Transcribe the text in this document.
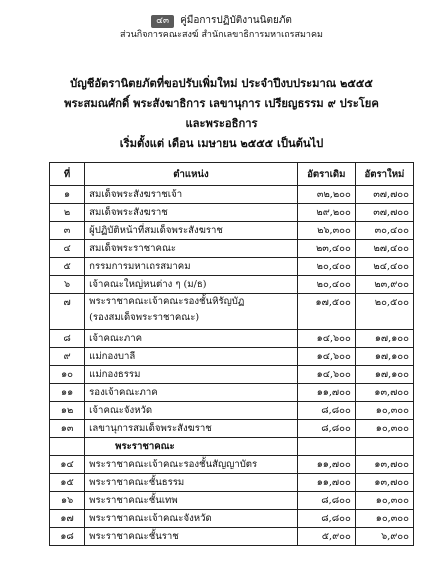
๔๓	คู่มือการปฏิบัติงานนิตยภัต
ส่วนกิจการคณะสงฆ์ สำนักเลขาธิการมหาเถรสมาคม
บัญชีอัตรานิตยภัตที่ขอปรับเพิ่มใหม่ ประจำปีงบประมาณ ๒๕๕๕
พระสมณศักดิ์ พระสังฆาธิการ เลขานุการ เปรียญธรรม ๙ ประโยค
และพระอธิการ
เริ่มตั้งแต่ เดือน เมษายน ๒๕๕๕ เป็นต้นไป
ที่	ตำแหน่ง	อัตราเดิม	อัตราใหม่
๑	สมเด็จพระสังฆราชเจ้า	๓๒,๒๐๐	๓๗,๗๐๐
๒	สมเด็จพระสังฆราช	๒๙,๒๐๐	๓๗,๗๐๐
๓	ผู้ปฏิบัติหน้าที่สมเด็จพระสังฆราช	๒๖,๓๐๐	๓๐,๔๐๐
๔	สมเด็จพระราชาคณะ	๒๓,๔๐๐	๒๗,๔๐๐
๕	กรรมการมหาเถรสมาคม	๒๐,๔๐๐	๒๔,๔๐๐
๖	เจ้าคณะใหญ่หนต่าง ๆ (ม/ธ)	๒๐,๔๐๐	๒๓,๙๐๐
๗	พระราชาคณะเจ้าคณะรองชั้นหิรัญบัฏ
(รองสมเด็จพระราชาคณะ)	๑๗,๕๐๐	๒๐,๕๐๐
๘	เจ้าคณะภาค	๑๔,๖๐๐	๑๗,๑๐๐
๙	แม่กองบาลี	๑๔,๖๐๐	๑๗,๑๐๐
๑๐	แม่กองธรรม	๑๔,๖๐๐	๑๗,๑๐๐
๑๑	รองเจ้าคณะภาค	๑๑,๗๐๐	๑๓,๗๐๐
๑๒	เจ้าคณะจังหวัด	๘,๘๐๐	๑๐,๓๐๐
๑๓	เลขานุการสมเด็จพระสังฆราช	๘,๘๐๐	๑๐,๓๐๐
	พระราชาคณะ		
๑๔	พระราชาคณะเจ้าคณะรองชั้นสัญญาบัตร	๑๑,๗๐๐	๑๓,๗๐๐
๑๕	พระราชาคณะชั้นธรรม	๑๑,๗๐๐	๑๓,๗๐๐
๑๖	พระราชาคณะชั้นเทพ	๘,๘๐๐	๑๐,๓๐๐
๑๗	พระราชาคณะเจ้าคณะจังหวัด	๘,๘๐๐	๑๐,๓๐๐
๑๘	พระราชาคณะชั้นราช	๕,๙๐๐	๖,๙๐๐
